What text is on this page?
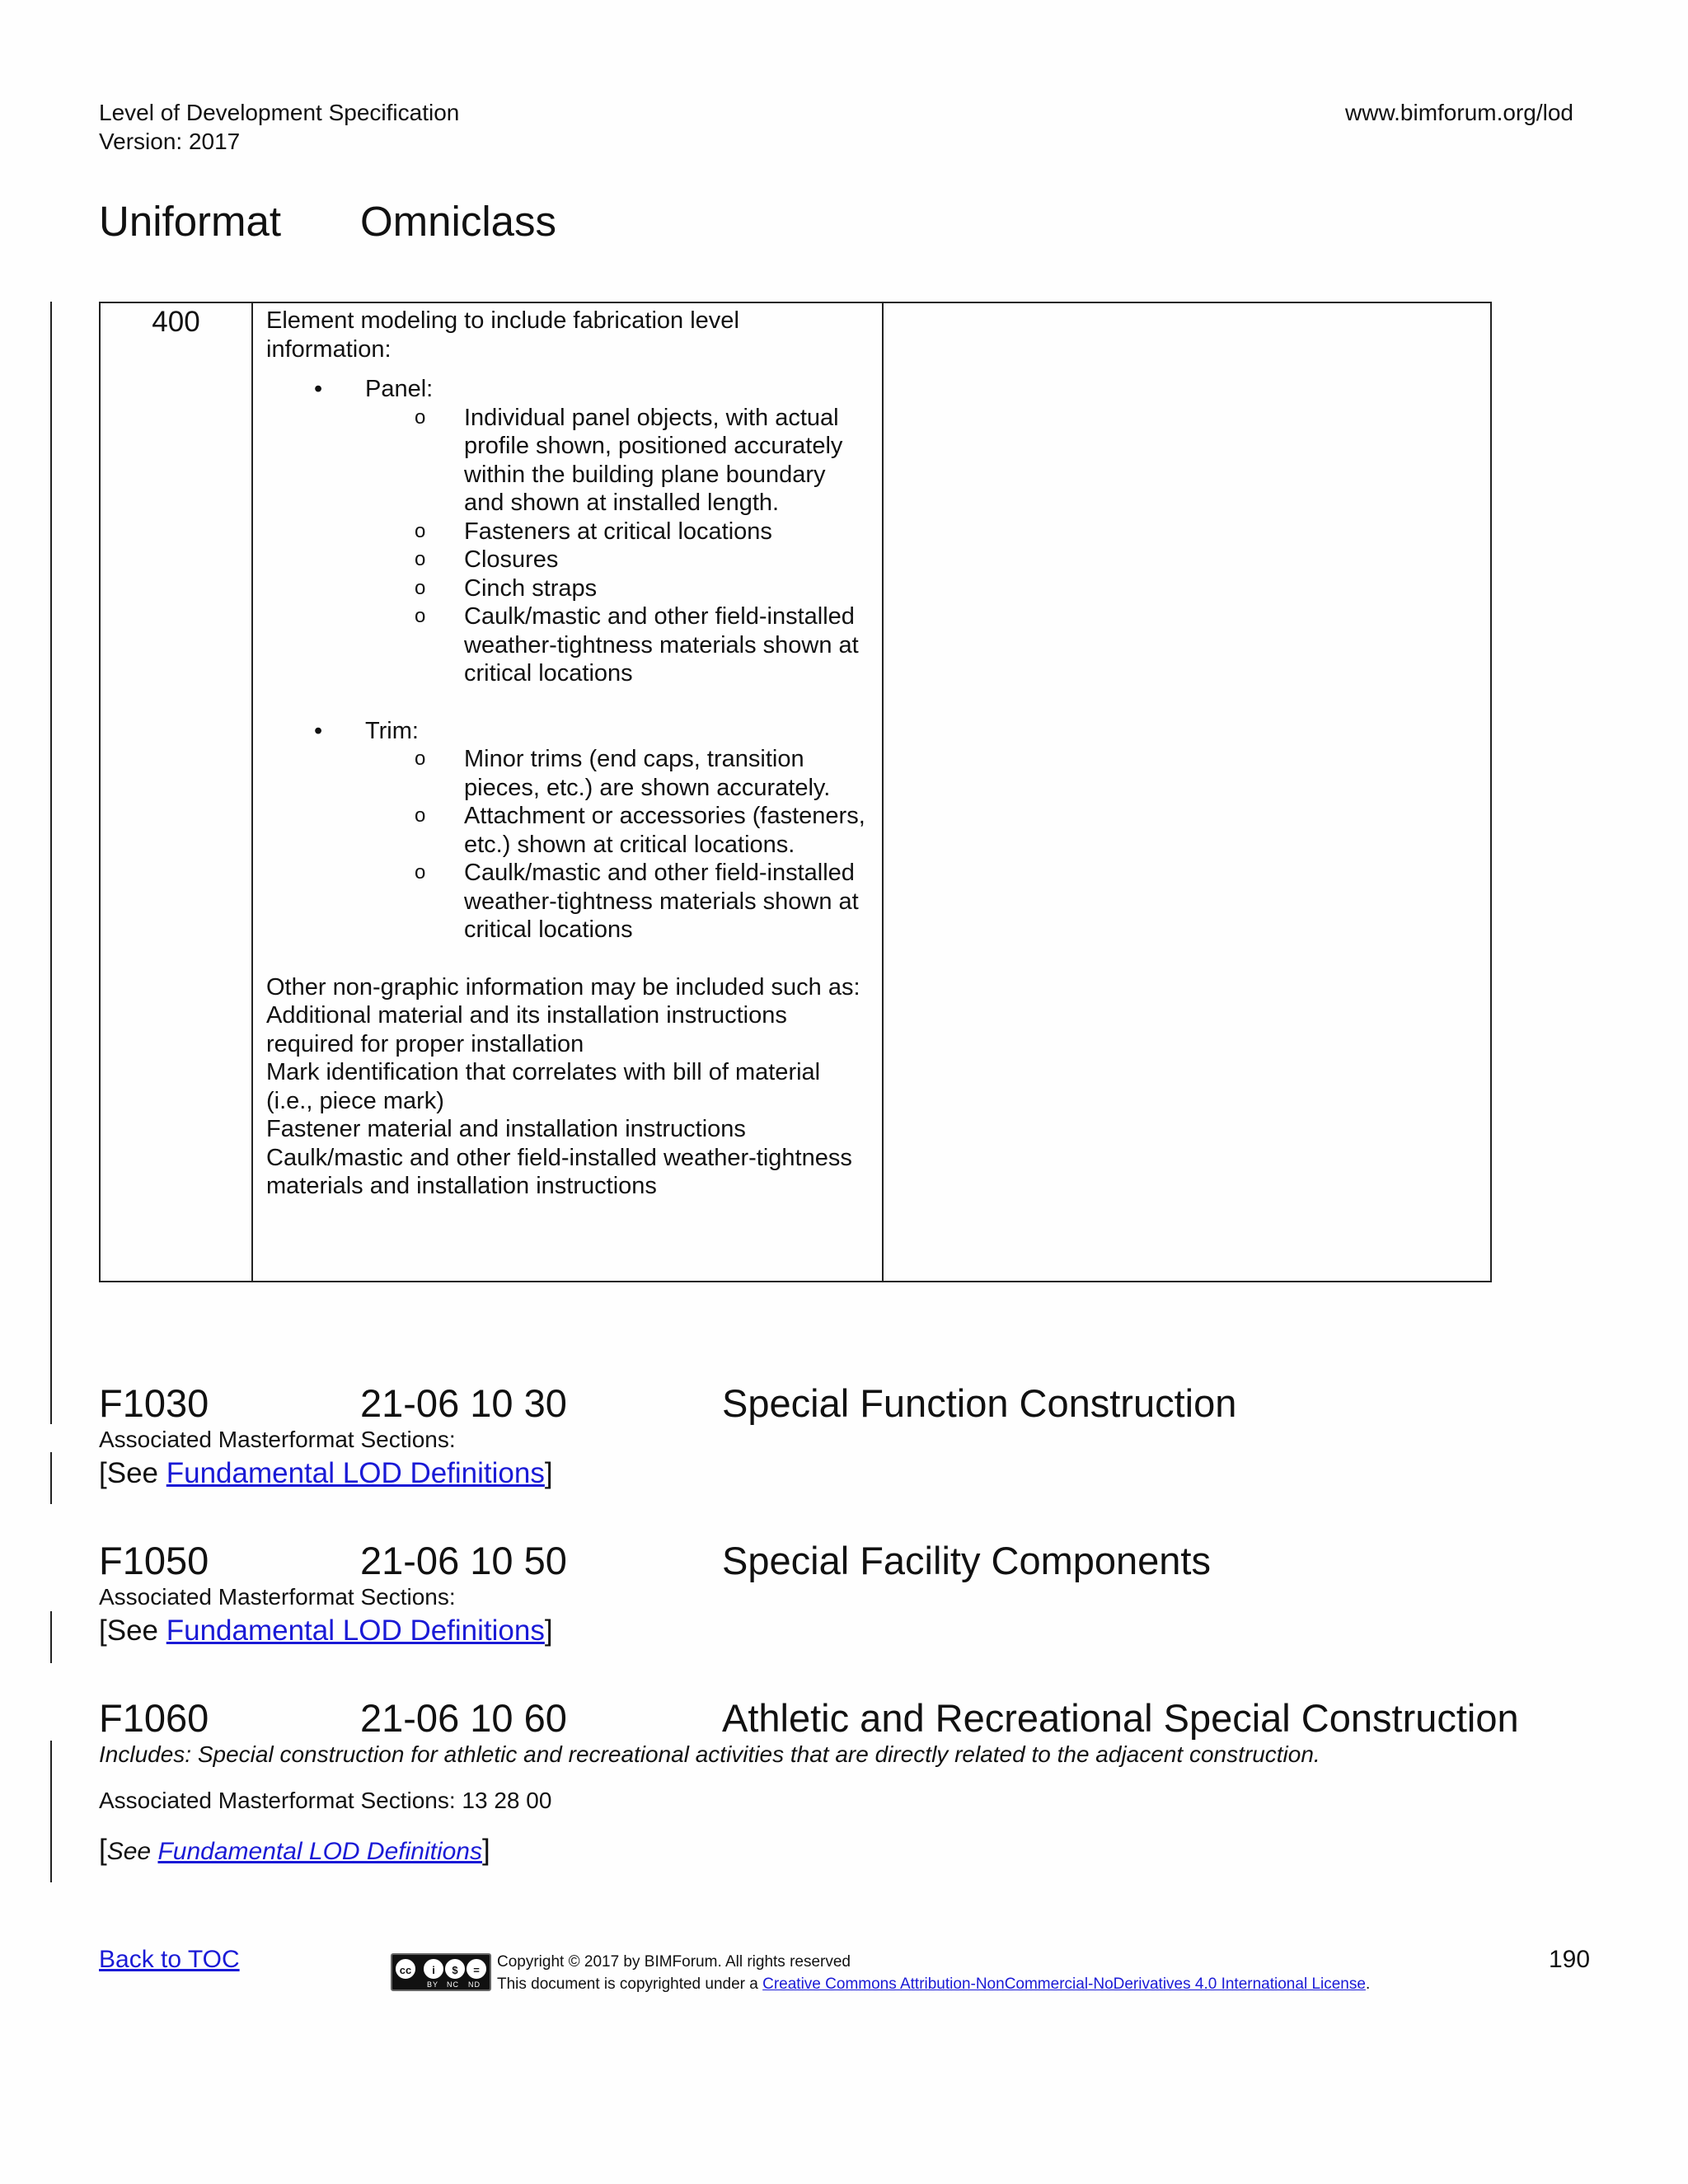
Level of Development Specification
Version: 2017
www.bimforum.org/lod
Uniformat Omniclass
400	Element modeling to include fabrication level information:

• Panel:
o Individual panel objects, with actual profile shown, positioned accurately within the building plane boundary and shown at installed length.
o Fasteners at critical locations
o Closures
o Cinch straps
o Caulk/mastic and other field-installed weather-tightness materials shown at critical locations
• Trim:
o Minor trims (end caps, transition pieces, etc.) are shown accurately.
o Attachment or accessories (fasteners, etc.) shown at critical locations.
o Caulk/mastic and other field-installed weather-tightness materials shown at critical locations

Other non-graphic information may be included such as:

Additional material and its installation instructions required for proper installation

Mark identification that correlates with bill of material (i.e., piece mark)

Fastener material and installation instructions

Caulk/mastic and other field-installed weather-tightness materials and installation instructions

F1030	21-06 10 30	Special Function Construction
Associated Masterformat Sections:
[See Fundamental LOD Definitions]
F1050	21-06 10 50	Special Facility Components
Associated Masterformat Sections:
[See Fundamental LOD Definitions]
F1060	21-06 10 60	Athletic and Recreational Special Construction
Includes: Special construction for athletic and recreational activities that are directly related to the adjacent construction.
Associated Masterformat Sections: 13 28 00
[See Fundamental LOD Definitions]
Back to TOC	cc	i	$	=
BY NC ND
Copyright © 2017 by BIMForum. All rights reserved
This document is copyrighted under a Creative Commons Attribution-NonCommercial-NoDerivatives 4.0 International License.
190
